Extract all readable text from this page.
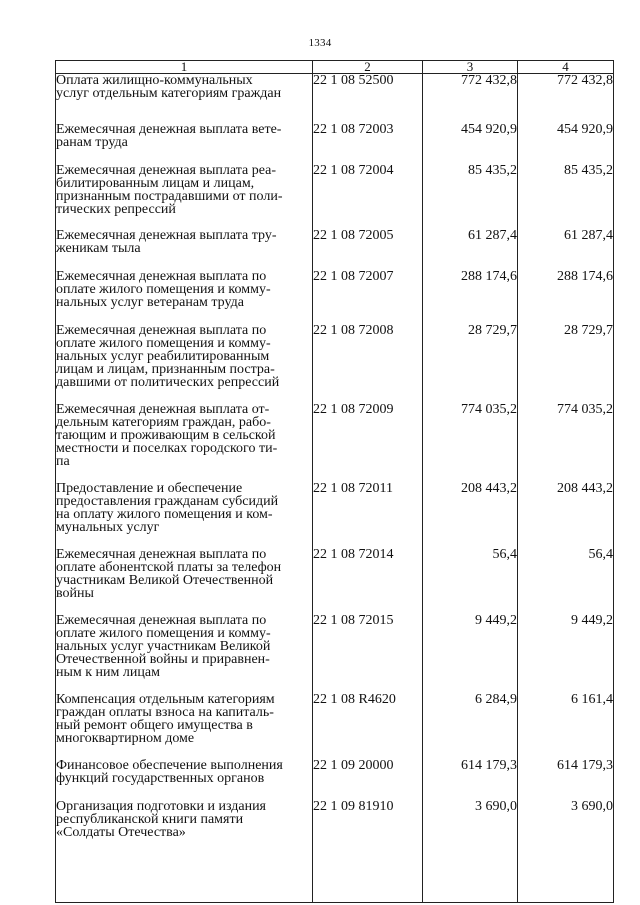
1334
1	2	3	4

Оплата жилищно-коммунальных
услуг отдельным категориям граждан	22 1 08 52500	772 432,8	772 432,8

Ежемесячная денежная выплата вете-
ранам труда	22 1 08 72003	454 920,9	454 920,9

Ежемесячная денежная выплата реа-
билитированным лицам и лицам,
признанным пострадавшими от поли-
тических репрессий	22 1 08 72004	85 435,2	85 435,2

Ежемесячная денежная выплата тру-
женикам тыла	22 1 08 72005	61 287,4	61 287,4

Ежемесячная денежная выплата по
оплате жилого помещения и комму-
нальных услуг ветеранам труда	22 1 08 72007	288 174,6	288 174,6

Ежемесячная денежная выплата по
оплате жилого помещения и комму-
нальных услуг реабилитированным
лицам и лицам, признанным постра-
давшими от политических репрессий	22 1 08 72008	28 729,7	28 729,7

Ежемесячная денежная выплата от-
дельным категориям граждан, рабо-
тающим и проживающим в сельской
местности и поселках городского ти-
па	22 1 08 72009	774 035,2	774 035,2

Предоставление и обеспечение
предоставления гражданам субсидий
на оплату жилого помещения и ком-
мунальных услуг	22 1 08 72011	208 443,2	208 443,2

Ежемесячная денежная выплата по
оплате абонентской платы за телефон
участникам Великой Отечественной
войны	22 1 08 72014	56,4	56,4

Ежемесячная денежная выплата по
оплате жилого помещения и комму-
нальных услуг участникам Великой
Отечественной войны и приравнен-
ным к ним лицам	22 1 08 72015	9 449,2	9 449,2

Компенсация отдельным категориям
граждан оплаты взноса на капиталь-
ный ремонт общего имущества в
многоквартирном доме	22 1 08 R4620	6 284,9	6 161,4

Финансовое обеспечение выполнения
функций государственных органов	22 1 09 20000	614 179,3	614 179,3

Организация подготовки и издания
республиканской книги памяти
«Солдаты Отечества»	22 1 09 81910	3 690,0	3 690,0
